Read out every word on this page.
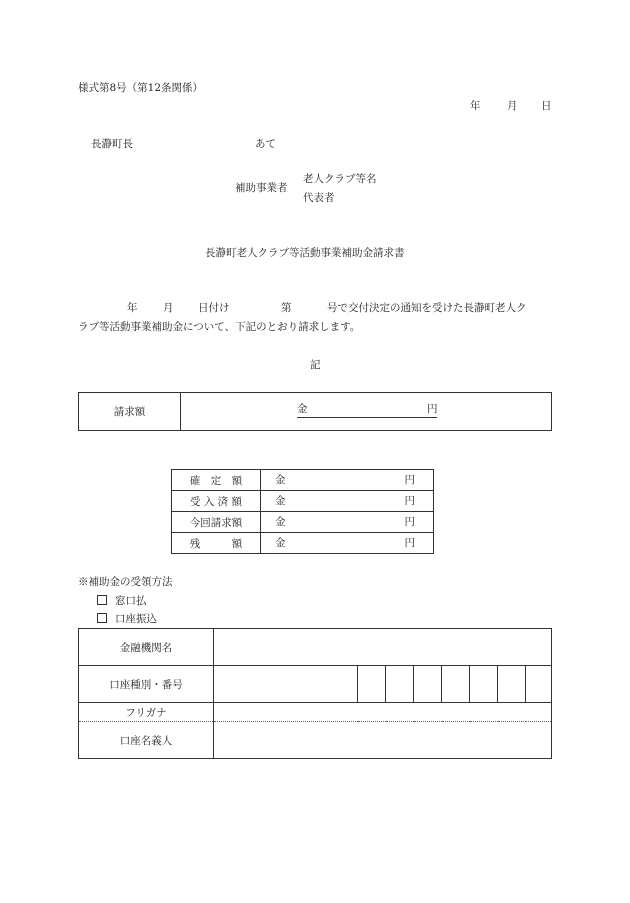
様式第8号（第12条関係）
年	月 日
長瀞町長	あて
補助事業者
老人クラブ等名
代表者
長瀞町老人クラブ等活動事業補助金請求書
年 月 日付け	第	号で交付決定の通知を受けた長瀞町老人ク
ラブ等活動事業補助金について、下記のとおり請求します。
記
請求額	金	円
確　定　額	金 円

受 入 済 額	金 円

今回請求額	金 円

残　　　額	金 円
※補助金の受領方法
窓口払
口座振込
金融機関名								
口座種別・番号								
フリガナ								
口座名義人								
